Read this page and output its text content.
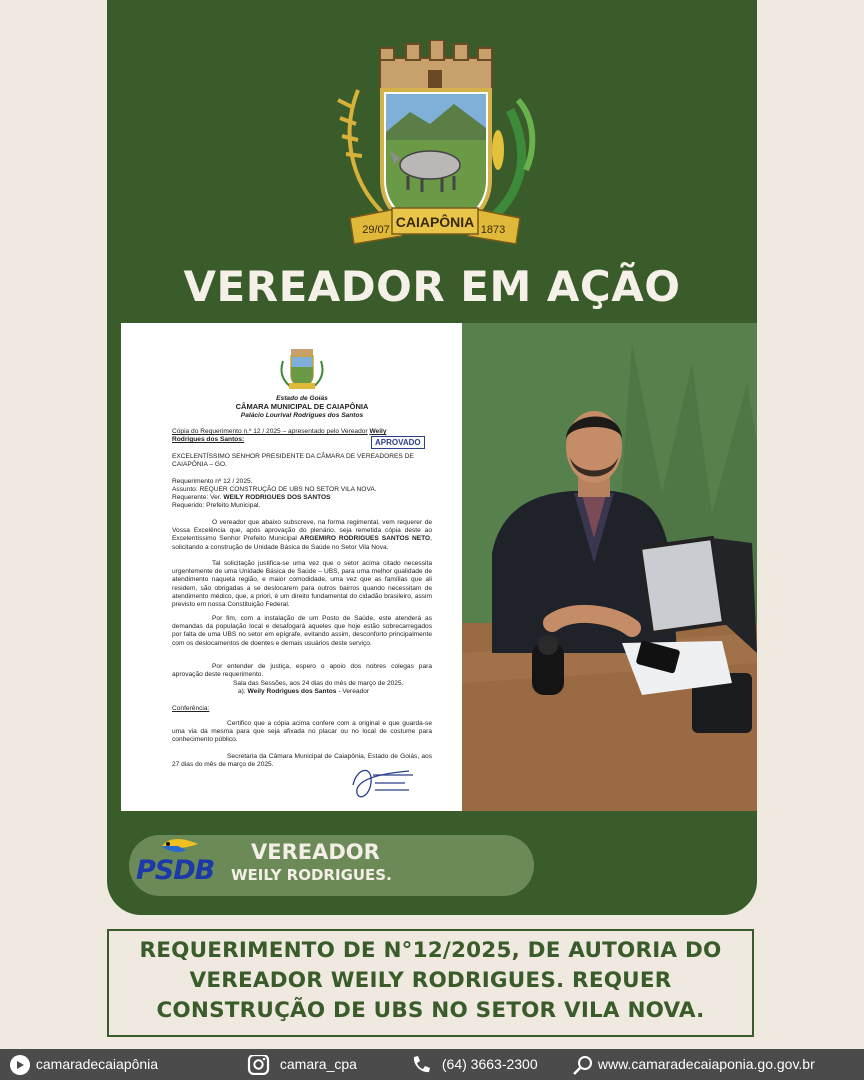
29/07 CAIAPÔNIA 1873
VEREADOR EM AÇÃO
Estado de Goiás
CÂMARA MUNICIPAL DE CAIAPÔNIA
Palácio Lourival Rodrigues dos Santos
Cópia do Requerimento n.º 12 / 2025 – apresentado pelo Vereador Weily
Rodrigues dos Santos:	APROVADO
EXCELENTÍSSIMO SENHOR PRESIDENTE DA CÂMARA DE VEREADORES DE CAIAPÔNIA – GO.
Requerimento nº 12 / 2025.
Assunto: REQUER CONSTRUÇÃO DE UBS NO SETOR VILA NOVA.
Requerente: Ver. WEILY RODRIGUES DOS SANTOS
Requerido: Prefeito Municipal.
O vereador que abaixo subscreve, na forma regimental, vem requerer de Vossa Excelência que, após aprovação do plenário, seja remetida cópia deste ao Excelentíssimo Senhor Prefeito Municipal ARGEMIRO RODRIGUES SANTOS NETO, solicitando a construção de Unidade Básica de Saúde no Setor Vila Nova.
Tal solicitação justifica-se uma vez que o setor acima citado necessita urgentemente de uma Unidade Básica de Saúde – UBS, para uma melhor qualidade de atendimento naquela região, e maior comodidade, uma vez que as famílias que ali residem, são obrigadas a se deslocarem para outros bairros quando necessitam de atendimento médico, que, a priori, é um direito fundamental do cidadão brasileiro, assim previsto em nossa Constituição Federal.
Por fim, com a instalação de um Posto de Saúde, este atenderá as demandas da população local e desafogará aqueles que hoje estão sobrecarregados por falta de uma UBS no setor em epígrafe, evitando assim, desconforto principalmente com os deslocamentos de doentes e demais usuários deste serviço.
Por entender de justiça, espero o apoio dos nobres colegas para aprovação deste requerimento.
Sala das Sessões, aos 24 dias do mês de março de 2025.
a): Weily Rodrigues dos Santos - Vereador
Conferência:
Certifico que a cópia acima confere com a original e que guarda-se uma via da mesma para que seja afixada no placar ou no local de costume para conhecimento público.
Secretaria da Câmara Municipal de Caiapônia, Estado de Goiás, aos 27 dias do mês de março de 2025.
PSDB
VEREADOR
WEILY RODRIGUES.
REQUERIMENTO DE N°12/2025, DE AUTORIA DO
VEREADOR WEILY RODRIGUES. REQUER
CONSTRUÇÃO DE UBS NO SETOR VILA NOVA.
camaradecaiapônia	camara_cpa	(64) 3663-2300	www.camaradecaiaponia.go.gov.br
